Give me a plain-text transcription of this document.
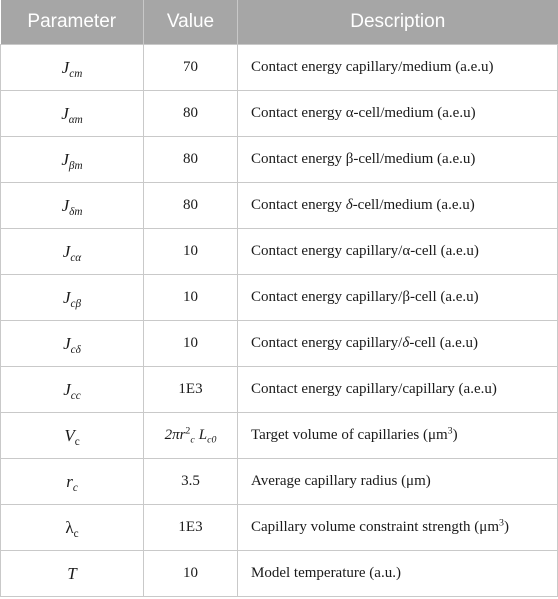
Parameter	Value	Description
$J_{cm}$	70	Contact energy capillary/medium (a.e.u)
$J_{\alpha m}$	80	Contact energy α-cell/medium (a.e.u)
$J_{\beta m}$	80	Contact energy β-cell/medium (a.e.u)
$J_{\delta m}$	80	Contact energy δ-cell/medium (a.e.u)
$J_{c\alpha}$	10	Contact energy capillary/α-cell (a.e.u)
$J_{c\beta}$	10	Contact energy capillary/β-cell (a.e.u)
$J_{c\delta}$	10	Contact energy capillary/δ-cell (a.e.u)
$J_{cc}$	1E3	Contact energy capillary/capillary (a.e.u)
$V_c$	$2\pi r^2_c$ $L_{c0}$	Target volume of capillaries $(\mu m^3)$
$r_c$	3.5	Average capillary radius (μm)
$\lambda_c$	1E3	Capillary volume constraint strength $(\mu m^3)$
T	10	Model temperature (a.u.)
